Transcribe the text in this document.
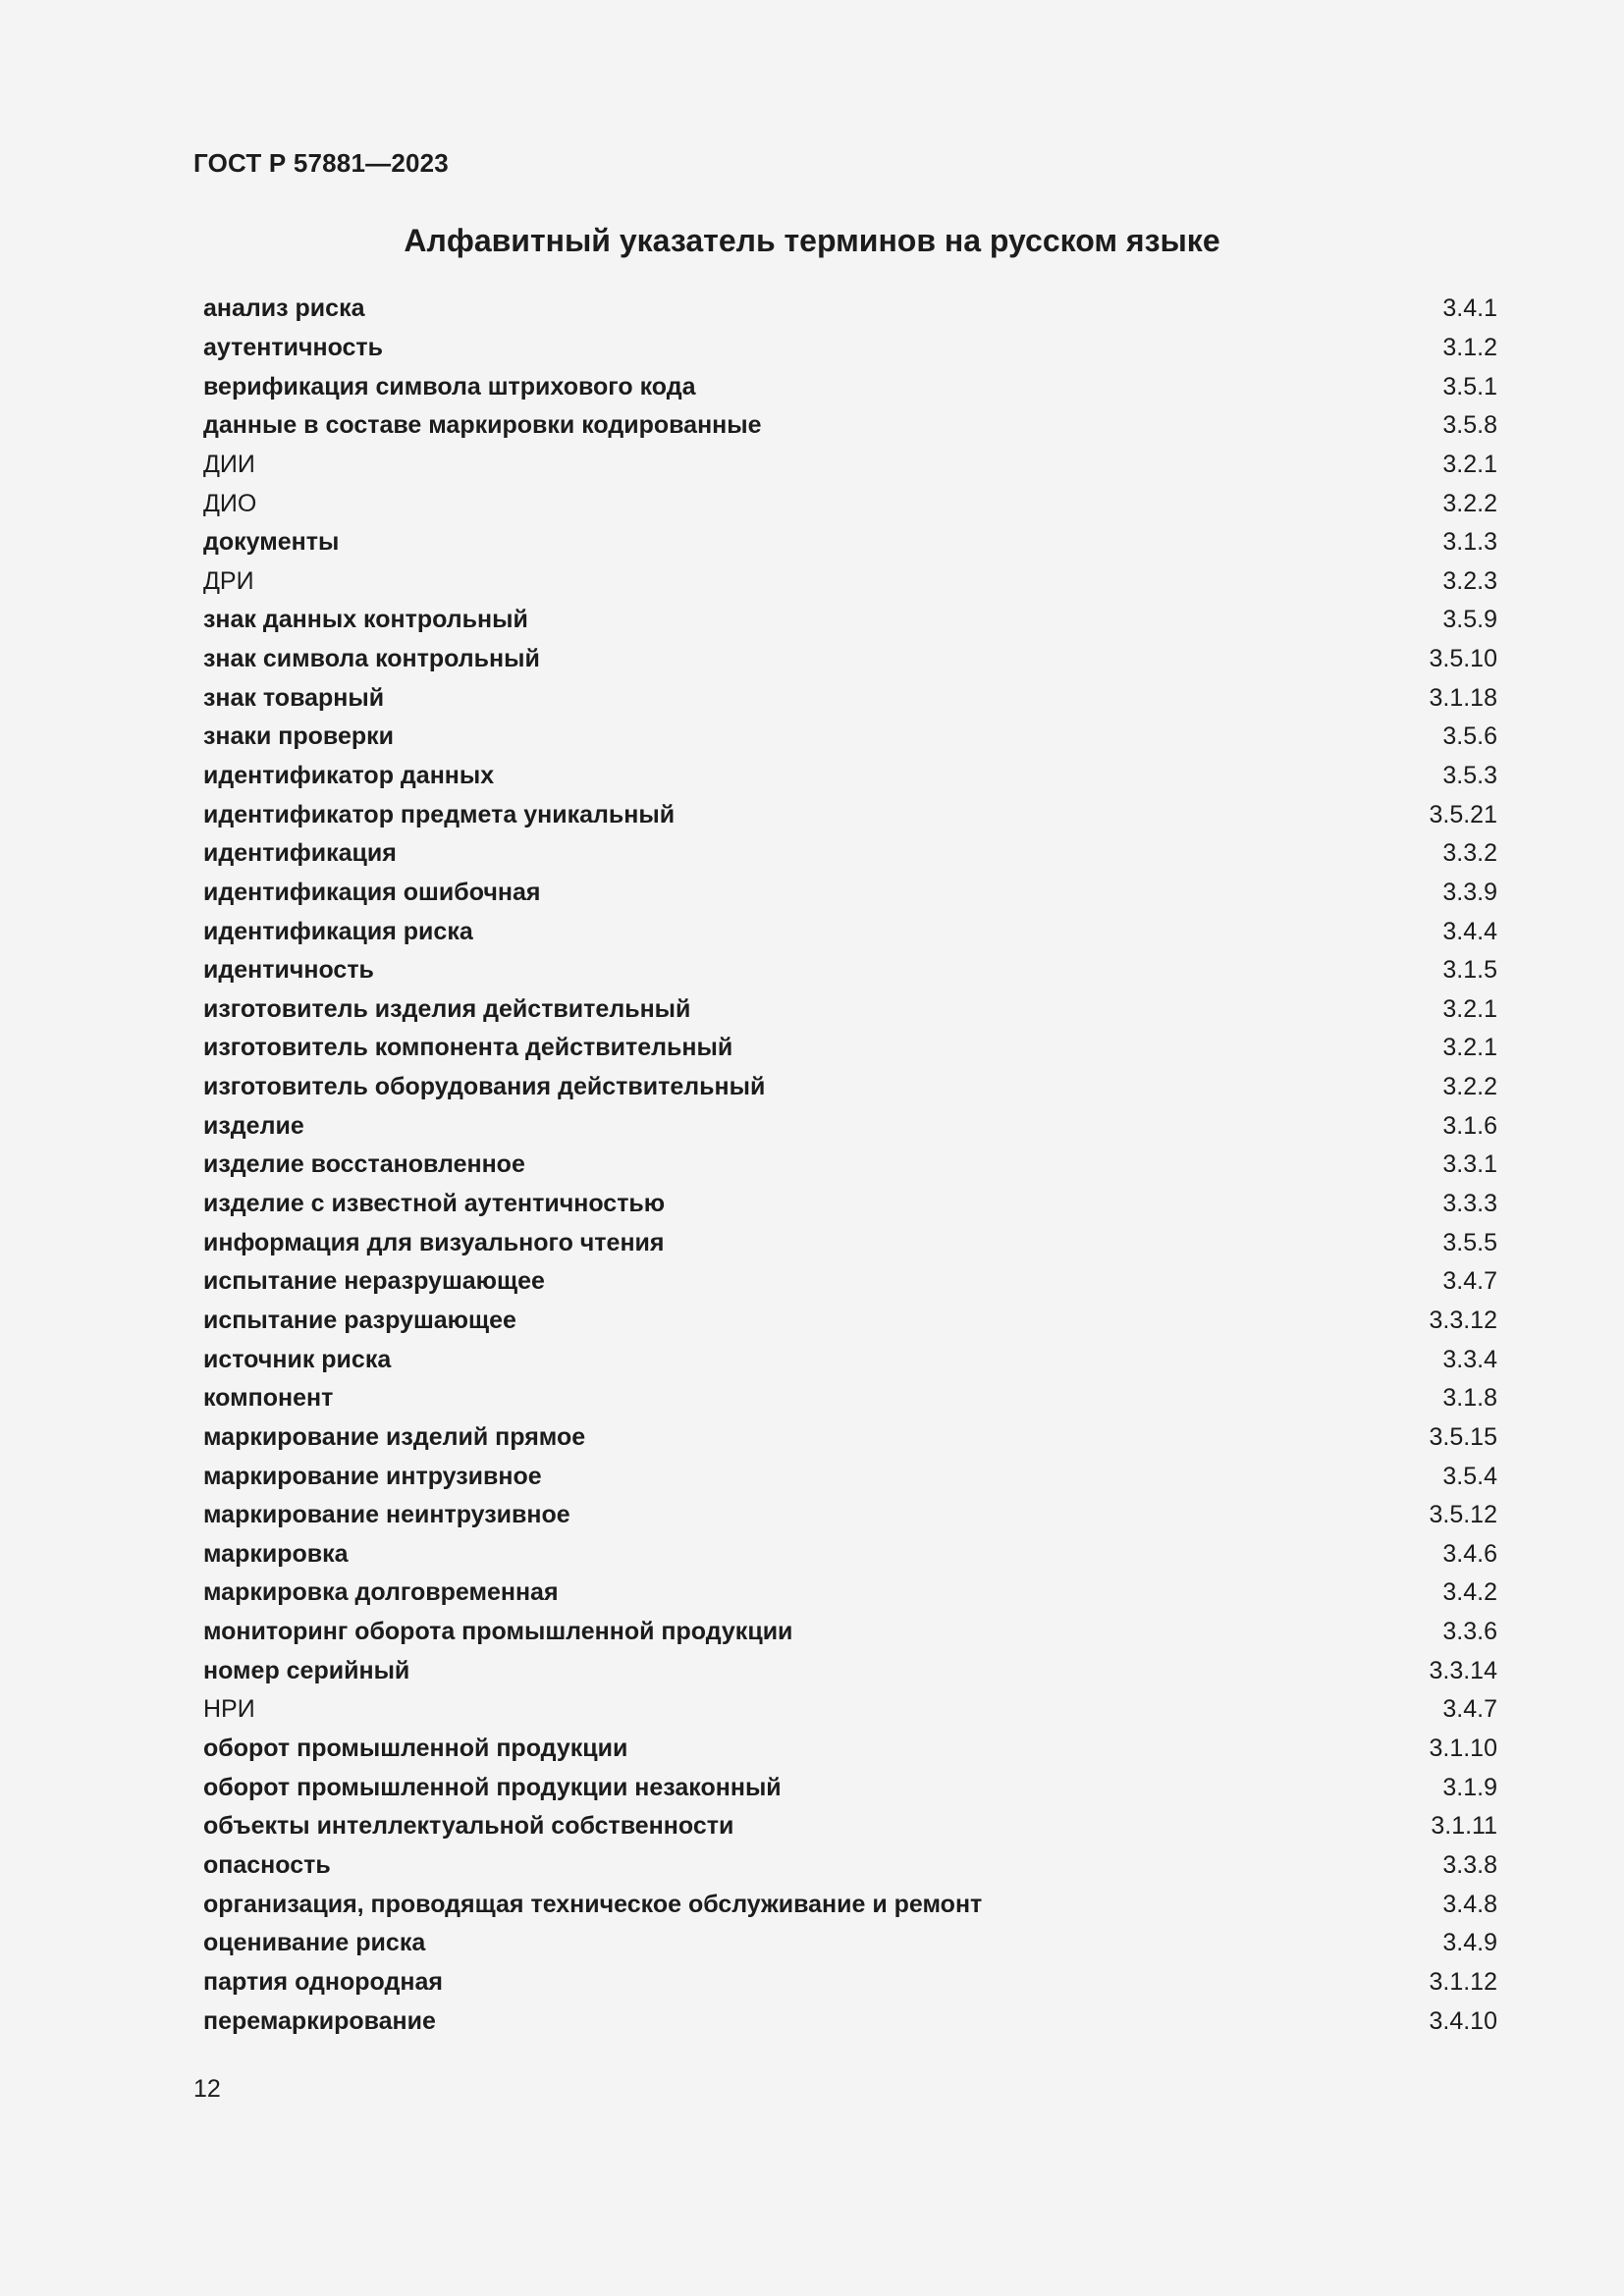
ГОСТ Р 57881—2023
Алфавитный указатель терминов на русском языке
анализ риска	3.4.1
аутентичность	3.1.2
верификация символа штрихового кода	3.5.1
данные в составе маркировки кодированные	3.5.8
ДИИ	3.2.1
ДИО	3.2.2
документы	3.1.3
ДРИ	3.2.3
знак данных контрольный	3.5.9
знак символа контрольный	3.5.10
знак товарный	3.1.18
знаки проверки	3.5.6
идентификатор данных	3.5.3
идентификатор предмета уникальный	3.5.21
идентификация	3.3.2
идентификация ошибочная	3.3.9
идентификация риска	3.4.4
идентичность	3.1.5
изготовитель изделия действительный	3.2.1
изготовитель компонента действительный	3.2.1
изготовитель оборудования действительный	3.2.2
изделие	3.1.6
изделие восстановленное	3.3.1
изделие с известной аутентичностью	3.3.3
информация для визуального чтения	3.5.5
испытание неразрушающее	3.4.7
испытание разрушающее	3.3.12
источник риска	3.3.4
компонент	3.1.8
маркирование изделий прямое	3.5.15
маркирование интрузивное	3.5.4
маркирование неинтрузивное	3.5.12
маркировка	3.4.6
маркировка долговременная	3.4.2
мониторинг оборота промышленной продукции	3.3.6
номер серийный	3.3.14
НРИ	3.4.7
оборот промышленной продукции	3.1.10
оборот промышленной продукции незаконный	3.1.9
объекты интеллектуальной собственности	3.1.11
опасность	3.3.8
организация, проводящая техническое обслуживание и ремонт	3.4.8
оценивание риска	3.4.9
партия однородная	3.1.12
перемаркирование	3.4.10
12
